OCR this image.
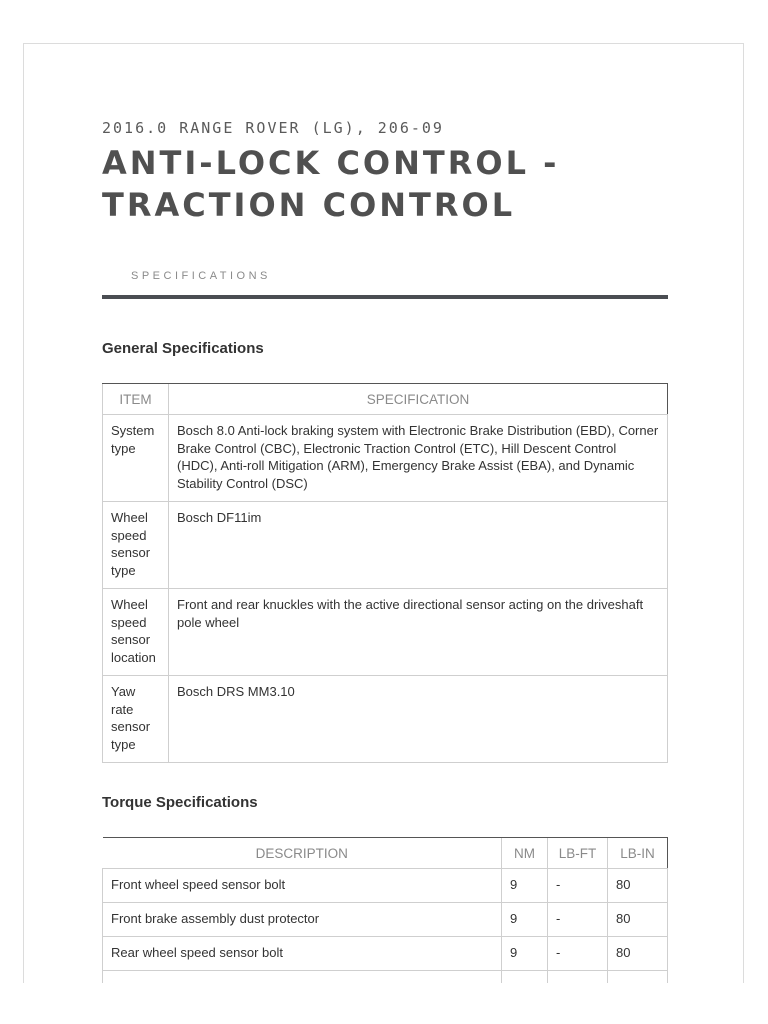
2016.0 RANGE ROVER (LG), 206-09
ANTI-LOCK CONTROL - TRACTION CONTROL
SPECIFICATIONS
General Specifications
ITEM	SPECIFICATION
System type	Bosch 8.0 Anti-lock braking system with Electronic Brake Distribution (EBD), Corner Brake Control (CBC), Electronic Traction Control (ETC), Hill Descent Control (HDC), Anti-roll Mitigation (ARM), Emergency Brake Assist (EBA), and Dynamic Stability Control (DSC)
Wheel speed sensor type	Bosch DF11im
Wheel speed sensor location	Front and rear knuckles with the active directional sensor acting on the driveshaft pole wheel
Yaw rate sensor type	Bosch DRS MM3.10
Torque Specifications
DESCRIPTION	NM	LB-FT	LB-IN
Front wheel speed sensor bolt	9	-	80
Front brake assembly dust protector	9	-	80
Rear wheel speed sensor bolt	9	-	80
